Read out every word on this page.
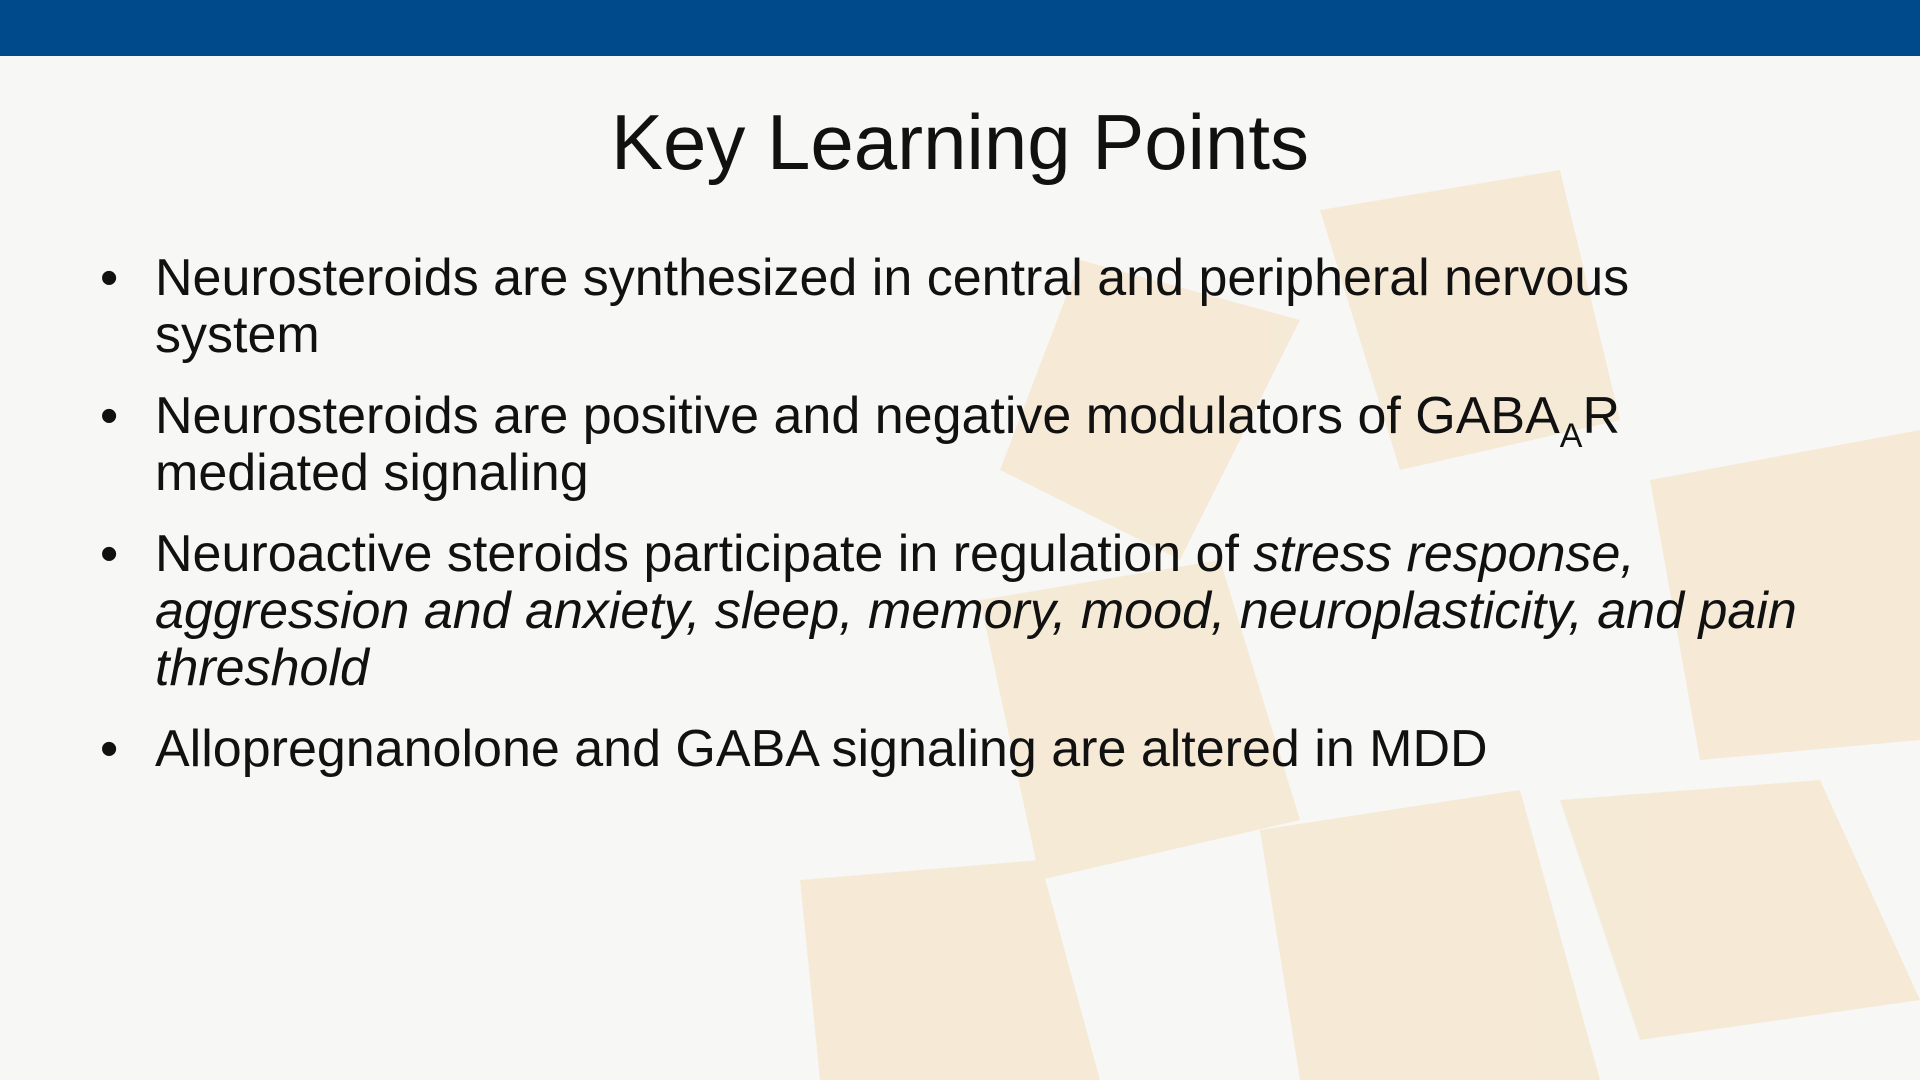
Key Learning Points
• Neurosteroids are synthesized in central and peripheral nervous system
• Neurosteroids are positive and negative modulators of $GABA_AR$ mediated signaling
• Neuroactive steroids participate in regulation of stress response, aggression and anxiety, sleep, memory, mood, neuroplasticity, and pain threshold
• Allopregnanolone and GABA signaling are altered in MDD
